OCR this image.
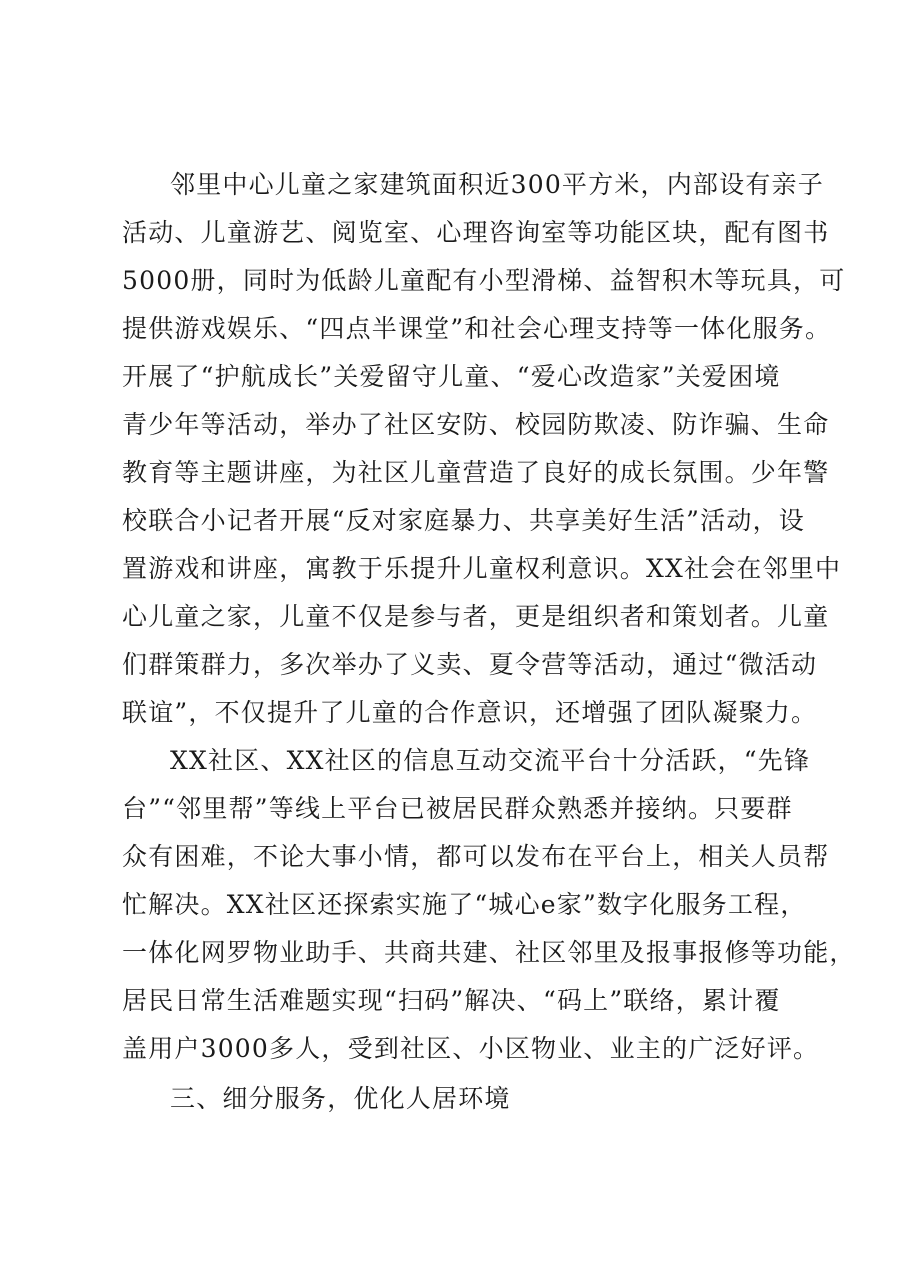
邻里中心儿童之家建筑面积近300平方米，内部设有亲子
活动、儿童游艺、阅览室、心理咨询室等功能区块，配有图书
5000册，同时为低龄儿童配有小型滑梯、益智积木等玩具，可
提供游戏娱乐、“四点半课堂”和社会心理支持等一体化服务。
开展了“护航成长”关爱留守儿童、“爱心改造家”关爱困境
青少年等活动，举办了社区安防、校园防欺凌、防诈骗、生命
教育等主题讲座，为社区儿童营造了良好的成长氛围。少年警
校联合小记者开展“反对家庭暴力、共享美好生活”活动，设
置游戏和讲座，寓教于乐提升儿童权利意识。XX社会在邻里中
心儿童之家，儿童不仅是参与者，更是组织者和策划者。儿童
们群策群力，多次举办了义卖、夏令营等活动，通过“微活动
联谊”，不仅提升了儿童的合作意识，还增强了团队凝聚力。
XX社区、XX社区的信息互动交流平台十分活跃，“先锋
台”“邻里帮”等线上平台已被居民群众熟悉并接纳。只要群
众有困难，不论大事小情，都可以发布在平台上，相关人员帮
忙解决。XX社区还探索实施了“城心e家”数字化服务工程，
一体化网罗物业助手、共商共建、社区邻里及报事报修等功能，
居民日常生活难题实现“扫码”解决、“码上”联络，累计覆
盖用户3000多人，受到社区、小区物业、业主的广泛好评。
三、细分服务，优化人居环境
